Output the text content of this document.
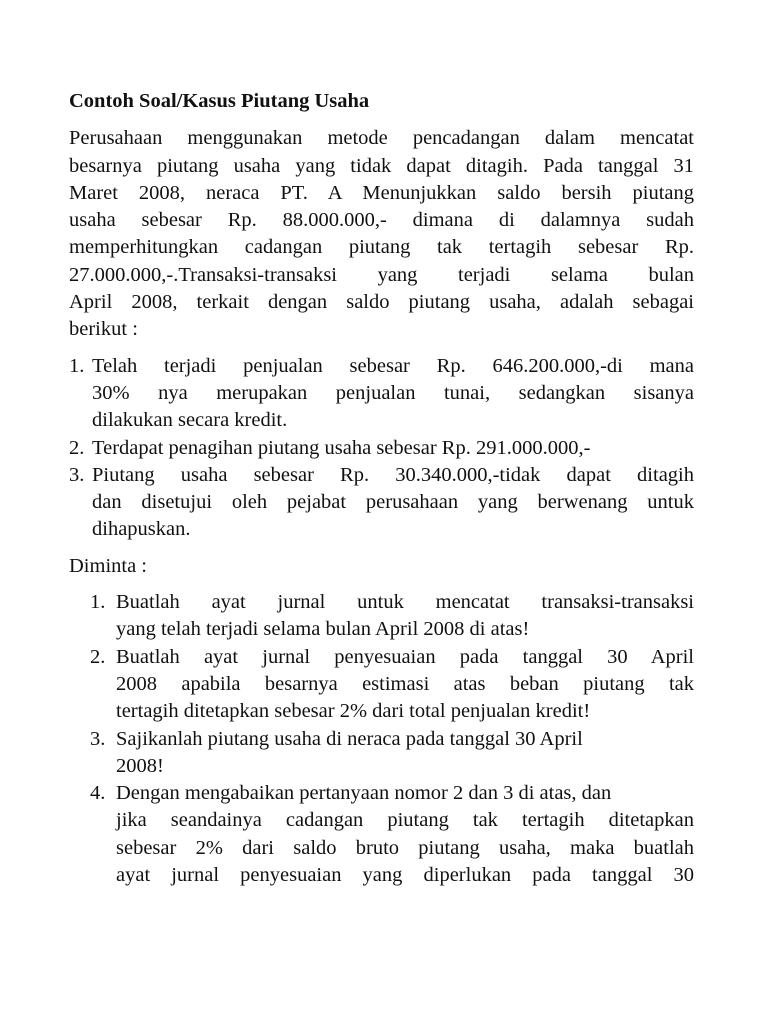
Contoh Soal/Kasus Piutang Usaha
Perusahaan menggunakan metode pencadangan dalam mencatat
besarnya piutang usaha yang tidak dapat ditagih. Pada tanggal 31
Maret 2008, neraca PT. A Menunjukkan saldo bersih piutang
usaha sebesar Rp. 88.000.000,- dimana di dalamnya sudah
memperhitungkan cadangan piutang tak tertagih sebesar Rp.
27.000.000,-.Transaksi-transaksi yang terjadi selama bulan
April 2008, terkait dengan saldo piutang usaha, adalah sebagai
berikut :
1. Telah terjadi penjualan sebesar Rp. 646.200.000,-di mana
30% nya merupakan penjualan tunai, sedangkan sisanya
dilakukan secara kredit.
2. Terdapat penagihan piutang usaha sebesar Rp. 291.000.000,-
3. Piutang usaha sebesar Rp. 30.340.000,-tidak dapat ditagih
dan disetujui oleh pejabat perusahaan yang berwenang untuk
dihapuskan.
Diminta :
1. Buatlah ayat jurnal untuk mencatat transaksi-transaksi
yang telah terjadi selama bulan April 2008 di atas!
2. Buatlah ayat jurnal penyesuaian pada tanggal 30 April
2008 apabila besarnya estimasi atas beban piutang tak
tertagih ditetapkan sebesar 2% dari total penjualan kredit!
3. Sajikanlah piutang usaha di neraca pada tanggal 30 April
2008!
4. Dengan mengabaikan pertanyaan nomor 2 dan 3 di atas, dan
jika seandainya cadangan piutang tak tertagih ditetapkan
sebesar 2% dari saldo bruto piutang usaha, maka buatlah
ayat jurnal penyesuaian yang diperlukan pada tanggal 30
